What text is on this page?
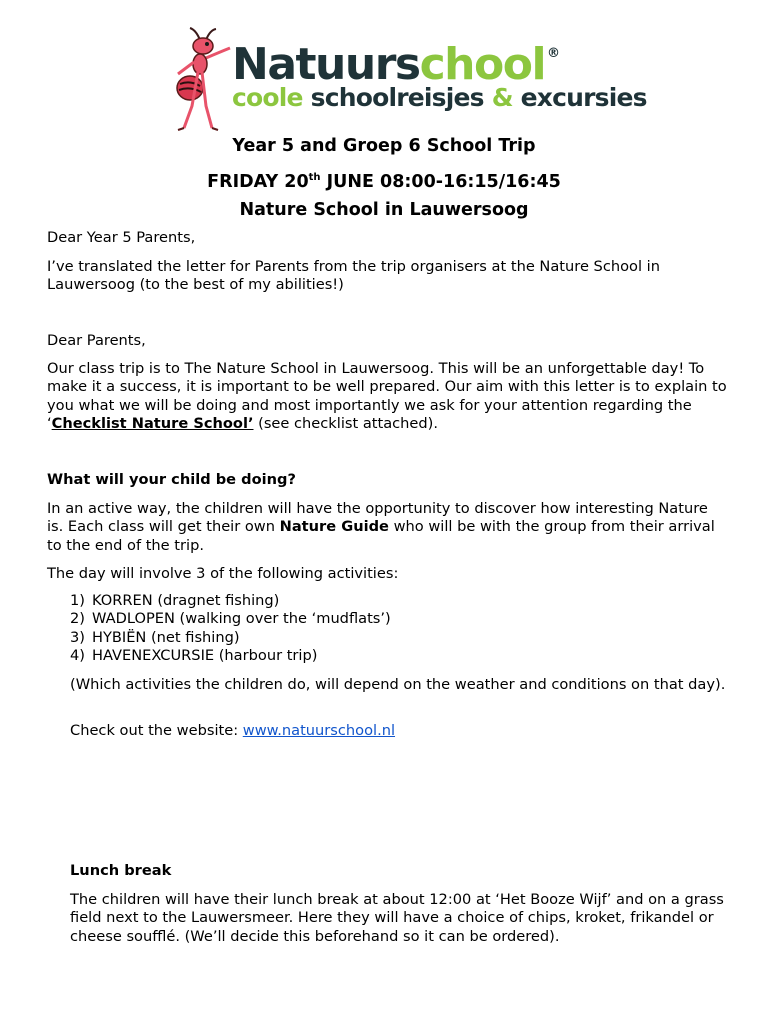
Natuurschool ®
coole schoolreisjes & excursies
Year 5 and Groep 6 School Trip
FRIDAY 20th JUNE 08:00-16:15/16:45
Nature School in Lauwersoog
Dear Year 5 Parents,
I’ve translated the letter for Parents from the trip organisers at the Nature School in Lauwersoog (to the best of my abilities!)
Dear Parents,
Our class trip is to The Nature School in Lauwersoog. This will be an unforgettable day! To make it a success, it is important to be well prepared. Our aim with this letter is to explain to you what we will be doing and most importantly we ask for your attention regarding the ‘Checklist Nature School’ (see checklist attached).
What will your child be doing?
In an active way, the children will have the opportunity to discover how interesting Nature is. Each class will get their own Nature Guide who will be with the group from their arrival to the end of the trip.
The day will involve 3 of the following activities:
1) KORREN (dragnet fishing)
2) WADLOPEN (walking over the ‘mudflats’)
3) HYBIËN (net fishing)
4) HAVENEXCURSIE (harbour trip)
(Which activities the children do, will depend on the weather and conditions on that day).
Check out the website: www.natuurschool.nl
Lunch break
The children will have their lunch break at about 12:00 at ‘Het Booze Wijf’ and on a grass field next to the Lauwersmeer. Here they will have a choice of chips, kroket, frikandel or cheese soufflé. (We’ll decide this beforehand so it can be ordered).
